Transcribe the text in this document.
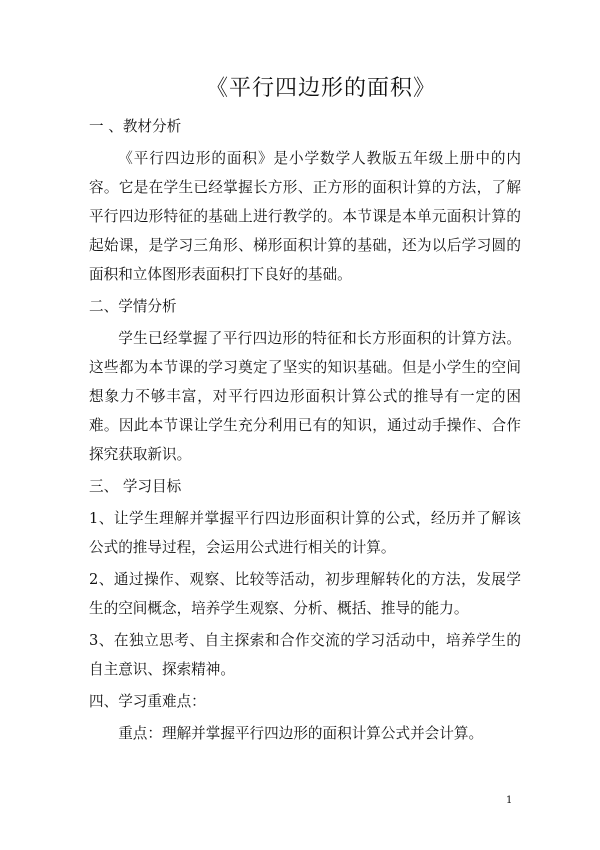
《平行四边形的面积》

一 、教材分析

《平行四边形的面积》是小学数学人教版五年级上册中的内容。它是在学生已经掌握长方形、正方形的面积计算的方法，了解平行四边形特征的基础上进行教学的。本节课是本单元面积计算的起始课，是学习三角形、梯形面积计算的基础，还为以后学习圆的面积和立体图形表面积打下良好的基础。

二、学情分析

学生已经掌握了平行四边形的特征和长方形面积的计算方法。这些都为本节课的学习奠定了坚实的知识基础。但是小学生的空间想象力不够丰富，对平行四边形面积计算公式的推导有一定的困难。因此本节课让学生充分利用已有的知识，通过动手操作、合作探究获取新识。

三、 学习目标

1、让学生理解并掌握平行四边形面积计算的公式，经历并了解该公式的推导过程，会运用公式进行相关的计算。

2、通过操作、观察、比较等活动，初步理解转化的方法，发展学生的空间概念，培养学生观察、分析、概括、推导的能力。

3、在独立思考、自主探索和合作交流的学习活动中，培养学生的自主意识、探索精神。

四、学习重难点：

重点：理解并掌握平行四边形的面积计算公式并会计算。

1
